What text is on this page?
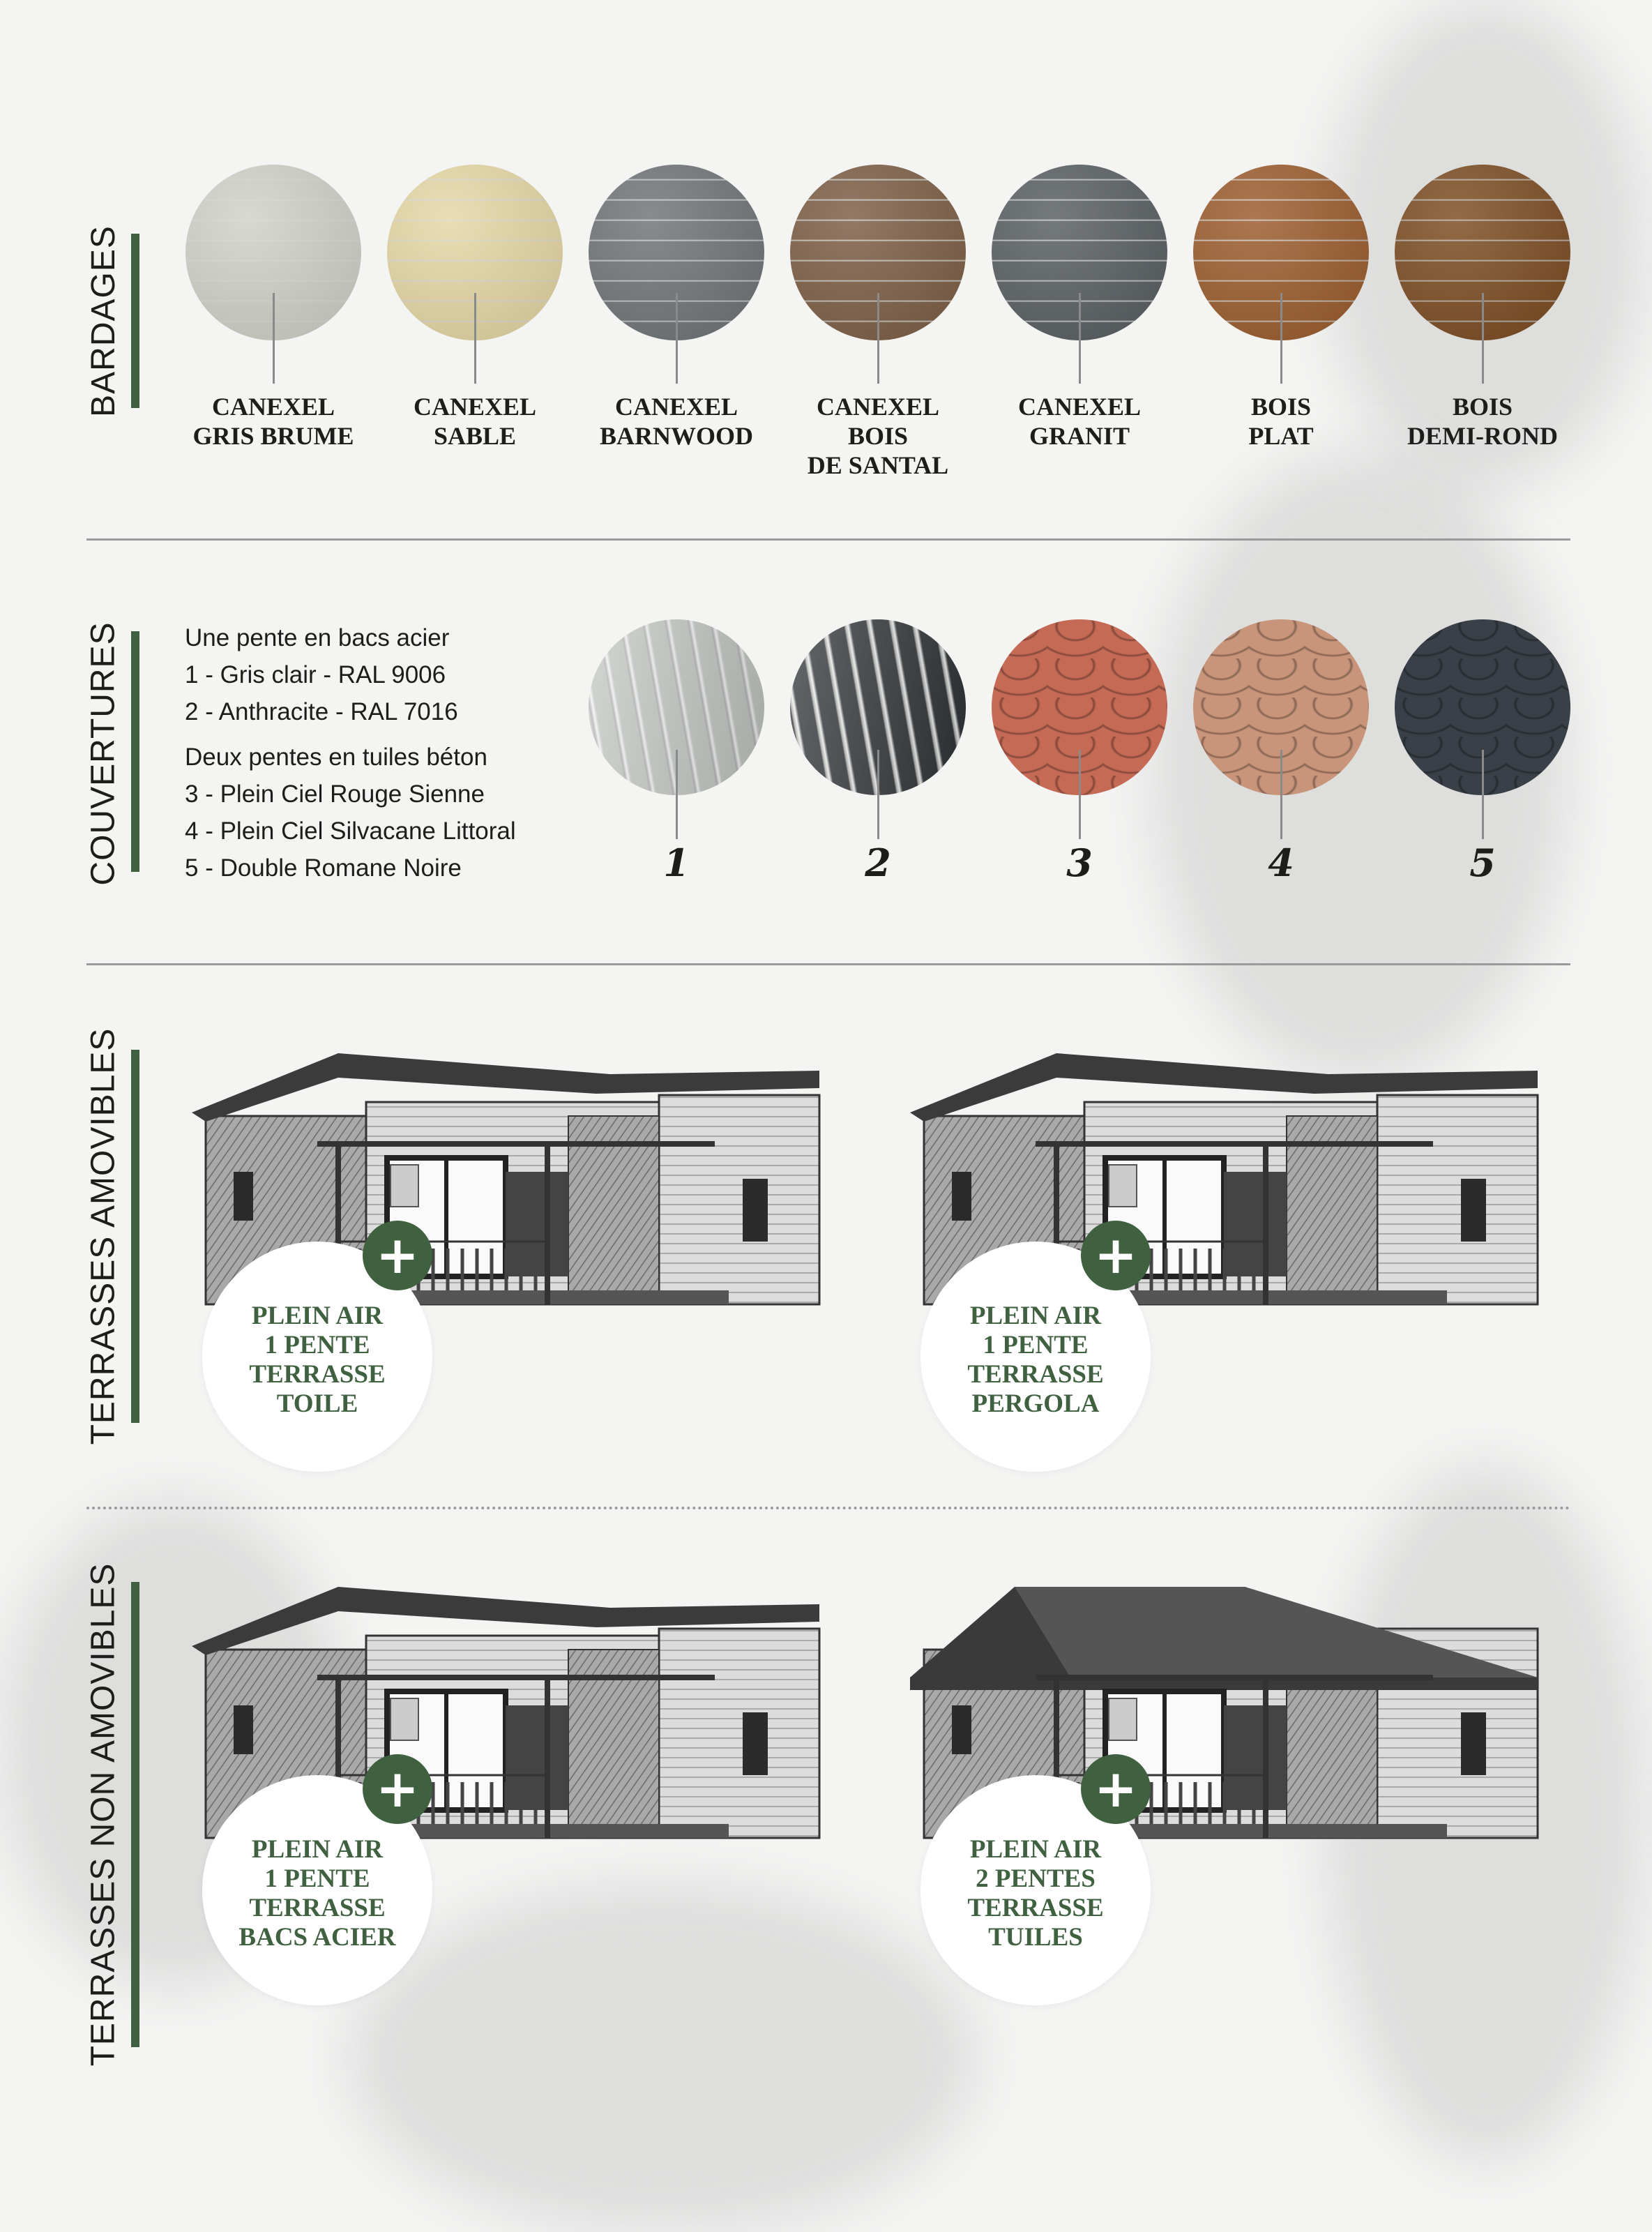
BARDAGES
COUVERTURES	Une pente en bacs acier
1 - Gris clair - RAL 9006
2 - Anthracite - RAL 7016
Deux pentes en tuiles béton
3 - Plein Ciel Rouge Sienne
4 - Plein Ciel Silvacane Littoral
5 - Double Romane Noire
TERRASSES AMOVIBLES
TERRASSES NON AMOVIBLES
CANEXEL
GRIS BRUME
CANEXEL
SABLE
CANEXEL
BARNWOOD
CANEXEL
BOIS
DE SANTAL
CANEXEL
GRANIT
BOIS
PLAT
BOIS
DEMI-ROND
1	2	3	4	5
PLEIN AIR
1 PENTE
TERRASSE
TOILE
+
PLEIN AIR
1 PENTE
TERRASSE
PERGOLA
+
PLEIN AIR
1 PENTE
TERRASSE
BACS ACIER
+
PLEIN AIR
2 PENTES
TERRASSE
TUILES
+
